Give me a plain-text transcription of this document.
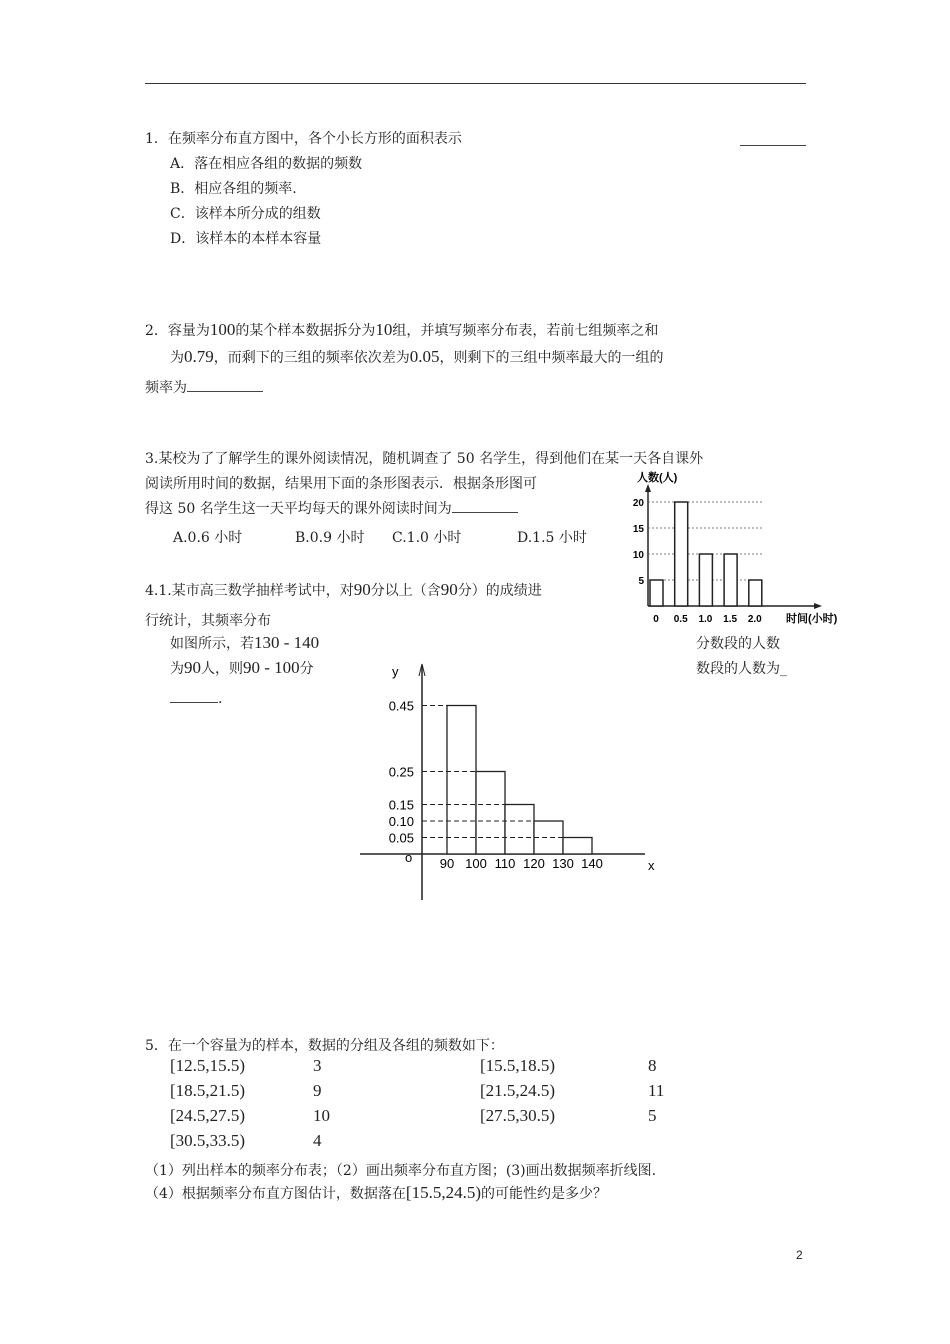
1．在频率分布直方图中，各个小长方形的面积表示
A．落在相应各组的数据的频数
B．相应各组的频率.
C．该样本所分成的组数
D．该样本的本样本容量
2．容量为100的某个样本数据拆分为10组，并填写频率分布表，若前七组频率之和
为0.79，而剩下的三组的频率依次差为0.05，则剩下的三组中频率最大的一组的
频率为
3.某校为了了解学生的课外阅读情况，随机调查了 50 名学生，得到他们在某一天各自课外
阅读所用时间的数据，结果用下面的条形图表示．根据条形图可
得这 50 名学生这一天平均每天的课外阅读时间为
A.0.6 小时	B.0.9 小时 C.1.0 小时	D.1.5 小时
4.1.某市高三数学抽样考试中，对90分以上（含90分）的成绩进
行统计，其频率分布
如图所示，若130 - 140
为90人，则90 - 100分
.
分数段的人数
数段的人数为_
5．在一个容量为的样本，数据的分组及各组的频数如下：
[12.5,15.5)	3	[15.5,18.5)	8
[18.5,21.5)	9	[21.5,24.5)	11
[24.5,27.5)	10	[27.5,30.5)	5
[30.5,33.5)	4
（1）列出样本的频率分布表；（2）画出频率分布直方图；(3)画出数据频率折线图.
（4）根据频率分布直方图估计，数据落在[15.5,24.5)的可能性约是多少？
2
人数(人)
时间(小时)
5
10
15
20
0 0.5 1.0 1.5 2.0
y
x
o
0.05
0.10
0.15
0.25
0.45
90 100 110 120 130 140
